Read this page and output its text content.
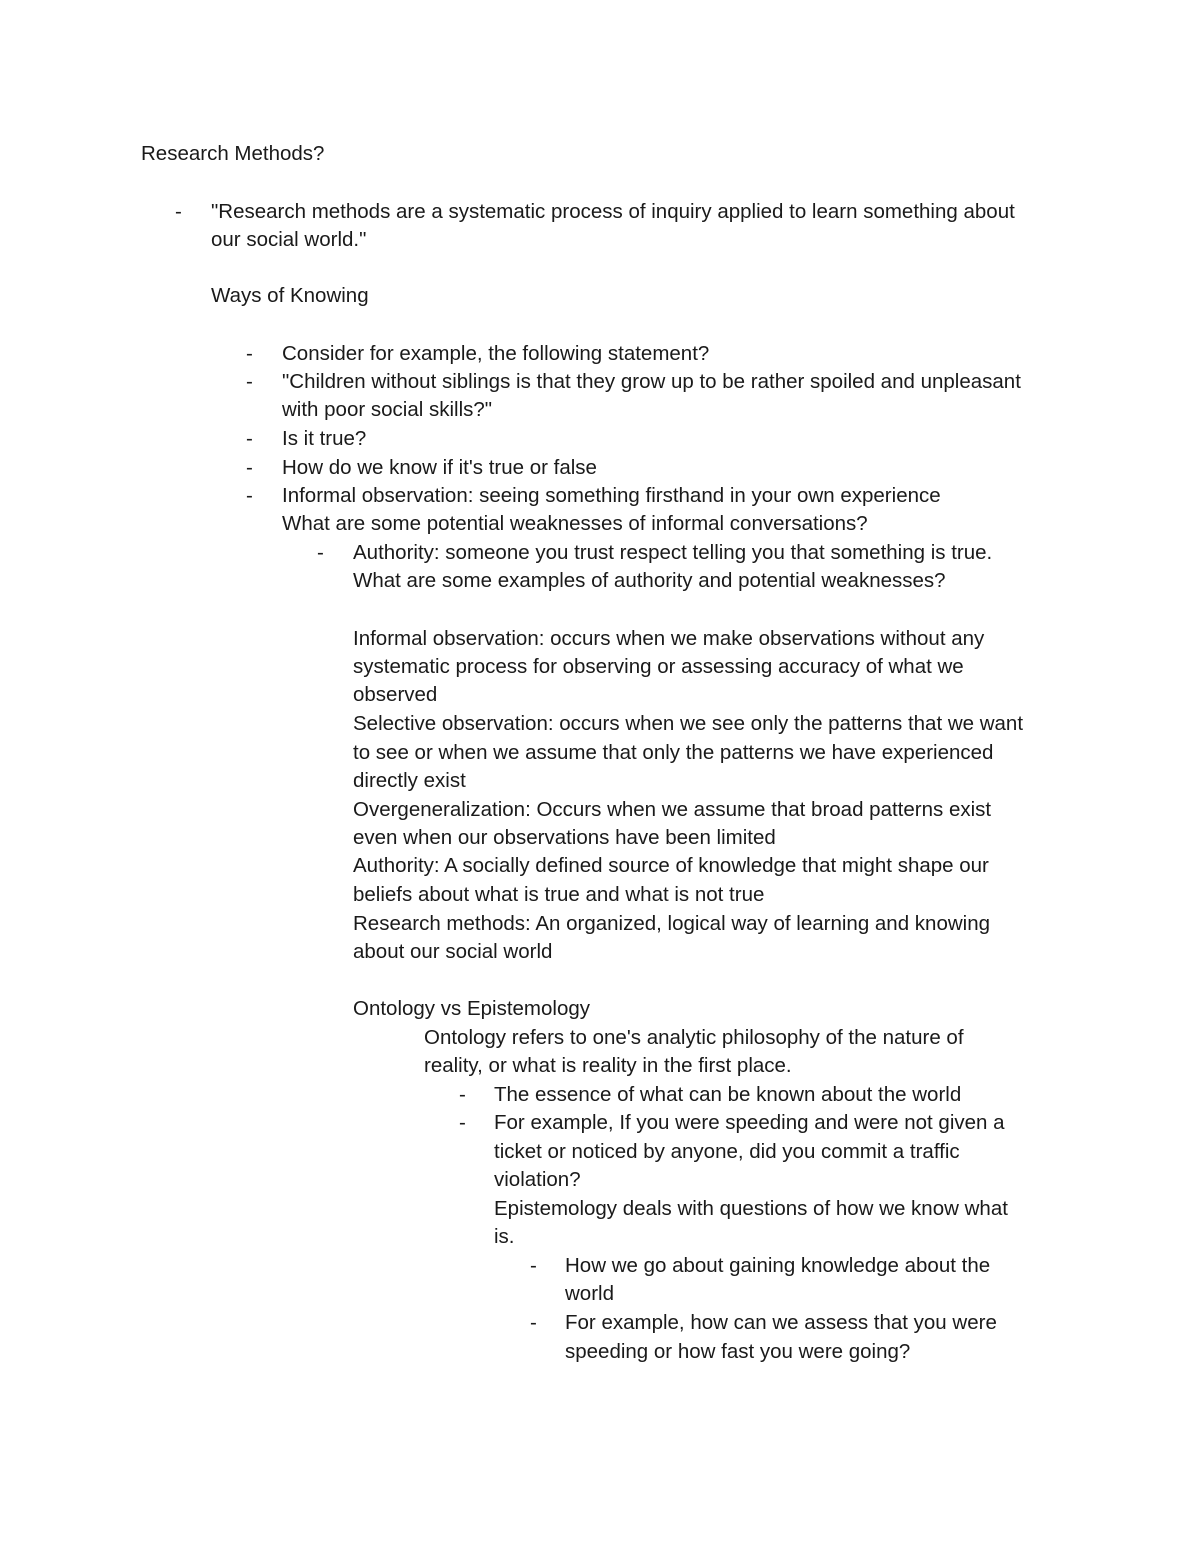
Research Methods?
- "Research methods are a systematic process of inquiry applied to learn something about
our social world."
Ways of Knowing
- Consider for example, the following statement?
- "Children without siblings is that they grow up to be rather spoiled and unpleasant
with poor social skills?"
- Is it true?
- How do we know if it's true or false
- Informal observation: seeing something firsthand in your own experience
What are some potential weaknesses of informal conversations?
- Authority: someone you trust respect telling you that something is true.
What are some examples of authority and potential weaknesses?
Informal observation: occurs when we make observations without any
systematic process for observing or assessing accuracy of what we
observed
Selective observation: occurs when we see only the patterns that we want
to see or when we assume that only the patterns we have experienced
directly exist
Overgeneralization: Occurs when we assume that broad patterns exist
even when our observations have been limited
Authority: A socially defined source of knowledge that might shape our
beliefs about what is true and what is not true
Research methods: An organized, logical way of learning and knowing
about our social world
Ontology vs Epistemology
Ontology refers to one's analytic philosophy of the nature of
reality, or what is reality in the first place.
- The essence of what can be known about the world
- For example, If you were speeding and were not given a
ticket or noticed by anyone, did you commit a traffic
violation?
Epistemology deals with questions of how we know what
is.
- How we go about gaining knowledge about the
world
- For example, how can we assess that you were
speeding or how fast you were going?
